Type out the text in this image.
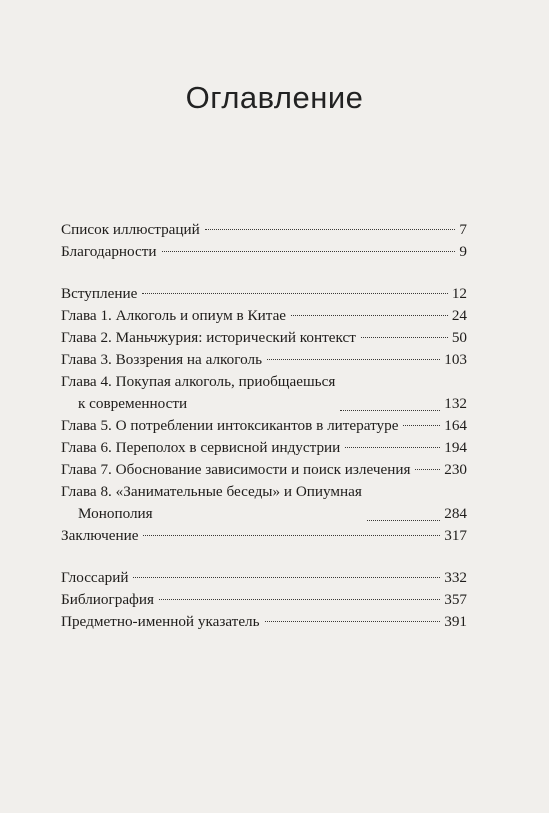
Оглавление
Список иллюстраций	7
Благодарности	9
Вступление	12
Глава 1. Алкоголь и опиум в Китае	24
Глава 2. Маньчжурия: исторический контекст	50
Глава 3. Воззрения на алкоголь	103
Глава 4. Покупая алкоголь, приобщаешься
к современности	132
Глава 5. О потреблении интоксикантов в литературе	164
Глава 6. Переполох в сервисной индустрии	194
Глава 7. Обоснование зависимости и поиск излечения 230
Глава 8. «Занимательные беседы» и Опиумная
Монополия	284
Заключение	317
Глоссарий	332
Библиография	357
Предметно-именной указатель	391
